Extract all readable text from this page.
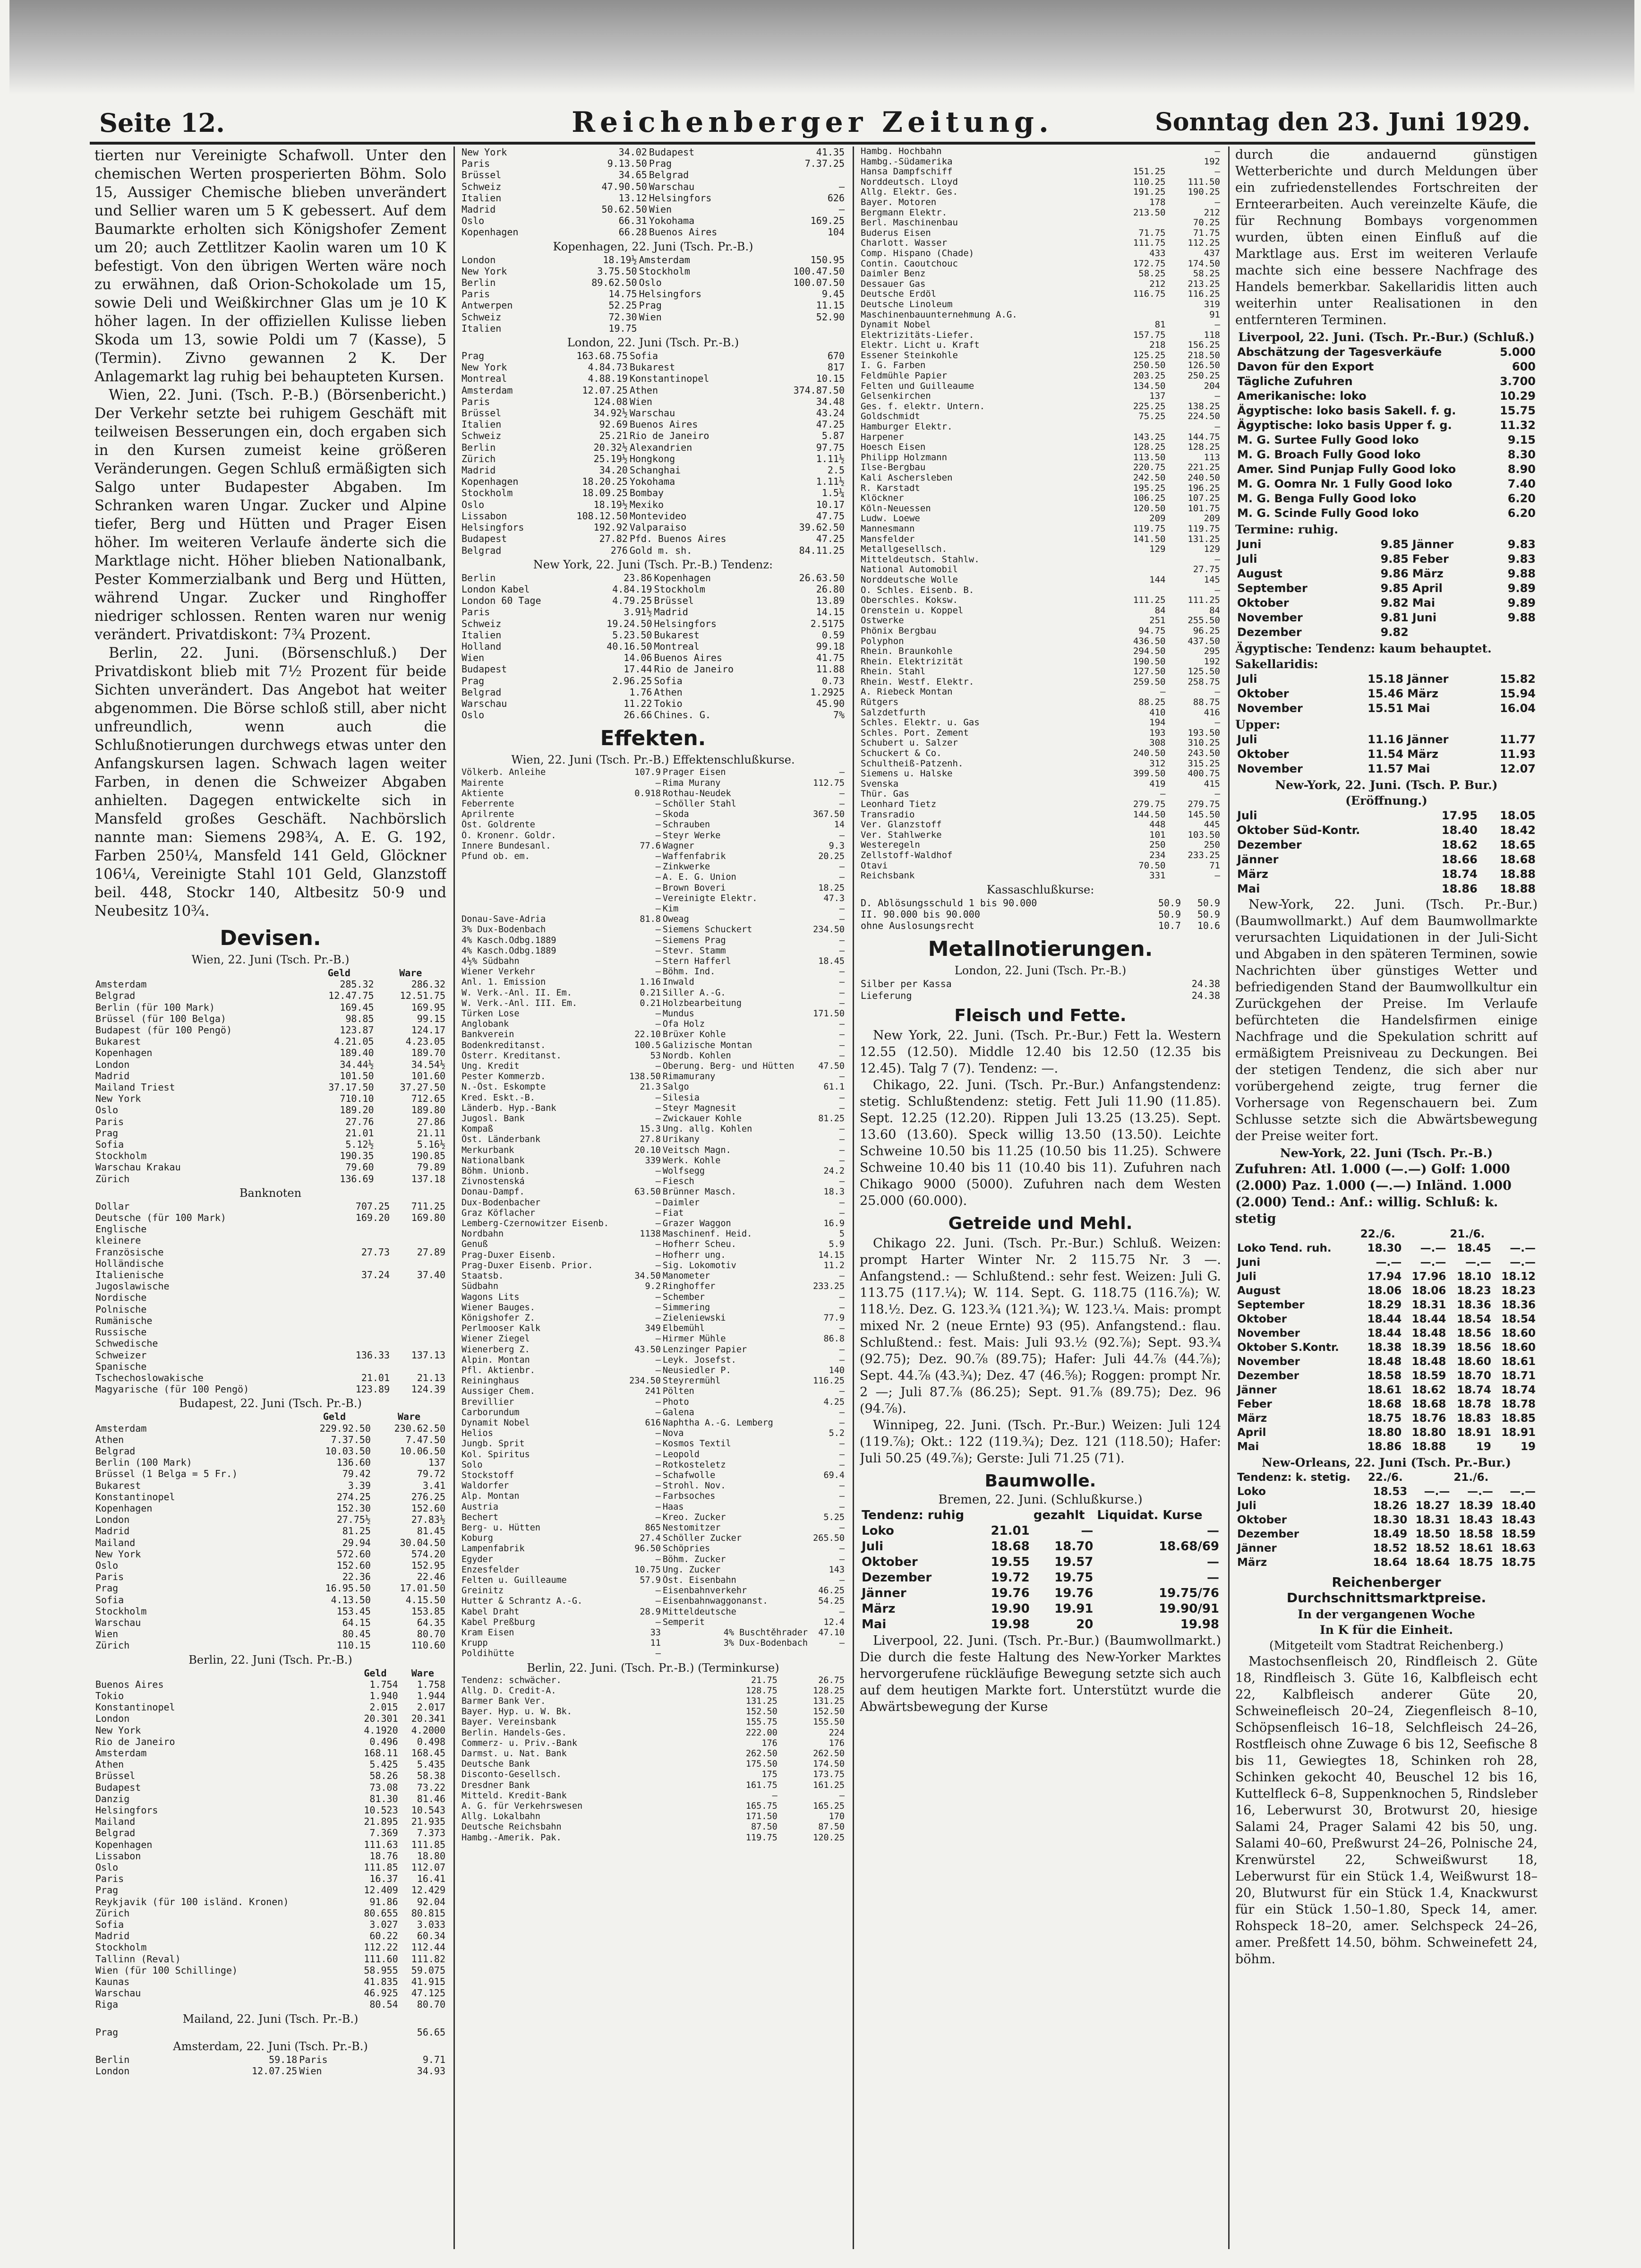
Seite 12.	Reichenberger Zeitung.	Sonntag den 23. Juni 1929.

tierten nur Vereinigte Schafwoll. Unter den chemischen Werten prosperierten Böhm. Solo 15, Aussiger Chemische blieben unverändert und Sellier waren um 5 K gebessert. Auf dem Baumarkte erholten sich Königshofer Zement um 20; auch Zettlitzer Kaolin waren um 10 K befestigt. Von den übrigen Werten wäre noch zu erwähnen, daß Orion-Schokolade um 15, sowie Deli und Weißkirchner Glas um je 10 K höher lagen. In der offiziellen Kulisse lieben Skoda um 13, sowie Poldi um 7 (Kasse), 5 (Termin). Zivno gewannen 2 K. Der Anlagemarkt lag ruhig bei behaupteten Kursen.

Wien, 22. Juni. (Tsch. P.-B.) (Börsenbericht.) Der Verkehr setzte bei ruhigem Geschäft mit teilweisen Besserungen ein, doch ergaben sich in den Kursen zumeist keine größeren Veränderungen. Gegen Schluß ermäßigten sich Salgo unter Budapester Abgaben. Im Schranken waren Ungar. Zucker und Alpine tiefer, Berg und Hütten und Prager Eisen höher. Im weiteren Verlaufe änderte sich die Marktlage nicht. Höher blieben Nationalbank, Pester Kommerzialbank und Berg und Hütten, während Ungar. Zucker und Ringhoffer niedriger schlossen. Renten waren nur wenig verändert. Privatdiskont: 7¾ Prozent.

Berlin, 22. Juni. (Börsenschluß.) Der Privatdiskont blieb mit 7½ Prozent für beide Sichten unverändert. Das Angebot hat weiter abgenommen. Die Börse schloß still, aber nicht unfreundlich, wenn auch die Schlußnotierungen durchwegs etwas unter den Anfangskursen lagen. Schwach lagen weiter Farben, in denen die Schweizer Abgaben anhielten. Dagegen entwickelte sich in Mansfeld großes Geschäft. Nachbörslich nannte man: Siemens 298¾, A. E. G. 192, Farben 250¼, Mansfeld 141 Geld, Glöckner 106¼, Vereinigte Stahl 101 Geld, Glanzstoff beil. 448, Stockr 140, Altbesitz 50·9 und Neubesitz 10¾.

Devisen.
Wien, 22. Juni (Tsch. Pr.-B.)
	Geld	Ware
Amsterdam	285.32	286.32
Belgrad	12.47.75	12.51.75
Berlin (für 100 Mark)	169.45	169.95
Brüssel (für 100 Belga)	98.85	99.15
Budapest (für 100 Pengö)	123.87	124.17
Bukarest	4.21.05	4.23.05
Kopenhagen	189.40	189.70
London	34.44½	34.54½
Madrid	101.50	101.60
Mailand Triest	37.17.50	37.27.50
New York	710.10	712.65
Oslo	189.20	189.80
Paris	27.76	27.86
Prag	21.01	21.11
Sofia	5.12½	5.16½
Stockholm	190.35	190.85
Warschau Krakau	79.60	79.89
Zürich	136.69	137.18
Banknoten
Dollar	707.25	711.25
Deutsche (für 100 Mark)	169.20	169.80
Englische		
kleinere		
Französische	27.73	27.89
Holländische		
Italienische	37.24	37.40
Jugoslawische		
Nordische		
Polnische		
Rumänische		
Russische		
Schwedische		
Schweizer	136.33	137.13
Spanische		
Tschechoslowakische	21.01	21.13
Magyarische (für 100 Pengö)	123.89	124.39
Budapest, 22. Juni (Tsch. Pr.-B.)
	Geld	Ware
Amsterdam	229.92.50	230.62.50
Athen	7.37.50	7.47.50
Belgrad	10.03.50	10.06.50
Berlin (100 Mark)	136.60	137
Brüssel (1 Belga = 5 Fr.)	79.42	79.72
Bukarest	3.39	3.41
Konstantinopel	274.25	276.25
Kopenhagen	152.30	152.60
London	27.75½	27.83½
Madrid	81.25	81.45
Mailand	29.94	30.04.50
New York	572.60	574.20
Oslo	152.60	152.95
Paris	22.36	22.46
Prag	16.95.50	17.01.50
Sofia	4.13.50	4.15.50
Stockholm	153.45	153.85
Warschau	64.15	64.35
Wien	80.45	80.70
Zürich	110.15	110.60
Berlin, 22. Juni (Tsch. Pr.-B.)
	Geld	Ware
Buenos Aires	1.754	1.758
Tokio	1.940	1.944
Konstantinopel	2.015	2.017
London	20.301	20.341
New York	4.1920	4.2000
Rio de Janeiro	0.496	0.498
Amsterdam	168.11	168.45
Athen	5.425	5.435
Brüssel	58.26	58.38
Budapest	73.08	73.22
Danzig	81.30	81.46
Helsingfors	10.523	10.543
Mailand	21.895	21.935
Belgrad	7.369	7.373
Kopenhagen	111.63	111.85
Lissabon	18.76	18.80
Oslo	111.85	112.07
Paris	16.37	16.41
Prag	12.409	12.429
Reykjavik (für 100 isländ. Kronen)	91.86	92.04
Zürich	80.655	80.815
Sofia	3.027	3.033
Madrid	60.22	60.34
Stockholm	112.22	112.44
Tallinn (Reval)	111.60	111.82
Wien (für 100 Schillinge)	58.955	59.075
Kaunas	41.835	41.915
Warschau	46.925	47.125
Riga	80.54	80.70
Mailand, 22. Juni (Tsch. Pr.-B.)
Prag		56.65
Amsterdam, 22. Juni (Tsch. Pr.-B.)
Berlin	59.18	Paris	9.71
London	12.07.25	Wien	34.93
New York	34.02	Budapest	41.35
Paris	9.13.50	Prag	7.37.25
Brüssel	34.65	Belgrad	
Schweiz	47.90.50	Warschau	—
Italien	13.12	Helsingfors	626
Madrid	50.62.50	Wien	—
Oslo	66.31	Yokohama	169.25
Kopenhagen	66.28	Buenos Aires	104
Kopenhagen, 22. Juni (Tsch. Pr.-B.)
London	18.19½	Amsterdam	150.95
New York	3.75.50	Stockholm	100.47.50
Berlin	89.62.50	Oslo	100.07.50
Paris	14.75	Helsingfors	9.45
Antwerpen	52.25	Prag	11.15
Schweiz	72.30	Wien	52.90
Italien	19.75		
London, 22. Juni (Tsch. Pr.-B.)
Prag	163.68.75	Sofia	670
New York	4.84.73	Bukarest	817
Montreal	4.88.19	Konstantinopel	10.15
Amsterdam	12.07.25	Athen	374.87.50
Paris	124.08	Wien	34.48
Brüssel	34.92½	Warschau	43.24
Italien	92.69	Buenos Aires	47.25
Schweiz	25.21	Rio de Janeiro	5.87
Berlin	20.32½	Alexandrien	97.75
Zürich	25.19½	Hongkong	1.11½
Madrid	34.20	Schanghai	2.5
Kopenhagen	18.20.25	Yokohama	1.11½
Stockholm	18.09.25	Bombay	1.5¼
Oslo	18.19½	Mexiko	10.17
Lissabon	108.12.50	Montevideo	47.75
Helsingfors	192.92	Valparaiso	39.62.50
Budapest	27.82	Pfd. Buenos Aires	47.25
Belgrad	276	Gold m. sh.	84.11.25
New York, 22. Juni (Tsch. Pr.-B.) Tendenz:
Berlin	23.86	Kopenhagen	26.63.50
London Kabel	4.84.19	Stockholm	26.80
London 60 Tage	4.79.25	Brüssel	13.89
Paris	3.91½	Madrid	14.15
Schweiz	19.24.50	Helsingfors	2.5175
Italien	5.23.50	Bukarest	0.59
Holland	40.16.50	Montreal	99.18
Wien	14.06	Buenos Aires	41.75
Budapest	17.44	Rio de Janeiro	11.88
Prag	2.96.25	Sofia	0.73
Belgrad	1.76	Athen	1.2925
Warschau	11.22	Tokio	45.90
Oslo	26.66	Chines. G.	7%
Effekten.
Wien, 22. Juni (Tsch. Pr.-B.) Effektenschlußkurse.
Völkerb. Anleihe	107.9	Prager Eisen	—
Mairente	—	Rima Murany	112.75
Aktiente	0.918	Rothau-Neudek	—
Feberrente	—	Schöller Stahl	—
Aprilrente	—	Skoda	367.50
Öst. Goldrente	—	Schrauben	14
Ö. Kronenr. Goldr.	—	Steyr Werke	—
Innere Bundesanl.	77.6	Wagner	9.3
Pfund ob. em.	—	Waffenfabrik	20.25
	—	Zinkwerke	—
	—	A. E. G. Union	—
	—	Brown Boveri	18.25
	—	Vereinigte Elektr.	47.3
	—	Kim	—
Donau-Save-Adria	81.8	Oweag	—
3% Dux-Bodenbach	—	Siemens Schuckert	234.50
4% Kasch.Odbg.1889	—	Siemens Prag	—
4% Kasch.Odbg.1889	—	Stevr. Stamm	—
4½% Südbahn	—	Stern Hafferl	18.45
Wiener Verkehr	—	Böhm. Ind.	—
Anl. 1. Emission	1.16	Inwald	—
W. Verk.-Anl. II. Em.	0.21	Siller A.-G.	—
W. Verk.-Anl. III. Em.	0.21	Holzbearbeitung	—
Türken Lose	—	Mundus	171.50
Anglobank	—	Ofa Holz	—
Bankverein	22.10	Brüxer Kohle	—
Bodenkreditanst.	100.5	Galizische Montan	—
Österr. Kreditanst.	53	Nordb. Kohlen	—
Ung. Kredit	—	Oberung. Berg- und Hütten	47.50
Pester Kommerzb.	138.50	Rimamurany	—
N.-Öst. Eskompte	21.3	Salgo	61.1
Kred. Eskt.-B.	—	Silesia	—
Länderb. Hyp.-Bank	—	Steyr Magnesit	—
Jugosl. Bank	—	Zwickauer Kohle	81.25
Kompaß	15.3	Ung. allg. Kohlen	—
Öst. Länderbank	27.8	Urikany	—
Merkurbank	20.10	Veitsch Magn.	—
Nationalbank	339	Werk. Kohle	—
Böhm. Unionb.	—	Wolfsegg	24.2
Zivnostenská	—	Fiesch	—
Donau-Dampf.	63.50	Brünner Masch.	18.3
Dux-Bodenbacher	—	Daimler	—
Graz Köflacher	—	Fiat	—
Lemberg-Czernowitzer Eisenb.	—	Grazer Waggon	16.9
Nordbahn	1138	Maschinenf. Heid.	5
Genuß	—	Hofherr Scheu.	5.9
Prag-Duxer Eisenb.	—	Hofherr ung.	14.15
Prag-Duxer Eisenb. Prior.	—	Sig. Lokomotiv	11.2
Staatsb.	34.50	Manometer	—
Südbahn	9.2	Ringhoffer	233.25
Wagons Lits	—	Schember	—
Wiener Bauges.	—	Simmering	—
Königshofer Z.	—	Zieleniewski	77.9
Perlmooser Kalk	349	Elbemühl	—
Wiener Ziegel	—	Hirmer Mühle	86.8
Wienerberg Z.	43.50	Lenzinger Papier	—
Alpin. Montan	—	Leyk. Josefst.	—
Pfl. Aktienbr.	—	Neusiedler P.	140
Reininghaus	234.50	Steyrermühl	116.25
Aussiger Chem.	241	Pölten	—
Brevillier	—	Photo	4.25
Carborundum	—	Galena	—
Dynamit Nobel	616	Naphtha A.-G. Lemberg	—
Helios	—	Nova	5.2
Jungb. Sprit	—	Kosmos Textil	—
Kol. Spiritus	—	Leopold	—
Solo	—	Rotkosteletz	—
Stockstoff	—	Schafwolle	69.4
Waldorfer	—	Strohl. Nov.	—
Alp. Montan	—	Farbsoches	—
Austria	—	Haas	—
Bechert	—	Kreo. Zucker	5.25
Berg- u. Hütten	865	Nestomitzer	—
Koburg	27.4	Schöller Zucker	265.50
Lampenfabrik	96.50	Schöpries	—
Egyder	—	Böhm. Zucker	—
Enzesfelder	10.75	Ung. Zucker	143
Felten u. Guilleaume	57.9	Öst. Eisenbahn	—
Greinitz	—	Eisenbahnverkehr	46.25
Hutter & Schrantz A.-G.	—	Eisenbahnwaggonanst.	54.25
Kabel Draht	28.9	Mitteldeutsche	—
Kabel Preßburg	—	Semperit	12.4
Kram Eisen	33	4% Buschtěhrader	47.10
Krupp	11	3% Dux-Bodenbach	—
Poldihütte	—		
Berlin, 22. Juni. (Tsch. Pr.-B.) (Terminkurse)
Tendenz: schwächer.		21.75	26.75
Allg. D. Credit-A.		128.75	128.25
Barmer Bank Ver.		131.25	131.25
Bayer. Hyp. u. W. Bk.		152.50	152.50
Bayer. Vereinsbank		155.75	155.50
Berlin. Handels-Ges.		222.00	224
Commerz- u. Priv.-Bank		176	176
Darmst. u. Nat. Bank		262.50	262.50
Deutsche Bank		175.50	174.50
Disconto-Gesellsch.		175	173.75
Dresdner Bank		161.75	161.25
Mitteld. Kredit-Bank		—	—
A. G. für Verkehrswesen		165.75	165.25
Allg. Lokalbahn		171.50	170
Deutsche Reichsbahn		87.50	87.50
Hambg.-Amerik. Pak.		119.75	120.25
Hambg. Hochbahn		—
Hambg.-Südamerika		192
Hansa Dampfschiff	151.25	—
Norddeutsch. Lloyd	110.25	111.50
Allg. Elektr. Ges.	191.25	190.25
Bayer. Motoren	178	—
Bergmann Elektr.	213.50	212
Berl. Maschinenbau		70.25
Buderus Eisen	71.75	71.75
Charlott. Wasser	111.75	112.25
Comp. Hispano (Chade)	433	437
Contin. Caoutchouc	172.75	174.50
Daimler Benz	58.25	58.25
Dessauer Gas	212	213.25
Deutsche Erdöl	116.75	116.25
Deutsche Linoleum		319
Maschinenbauunternehmung A.G.		91
Dynamit Nobel	81	—
Elektrizitäts-Liefer.	157.75	118
Elektr. Licht u. Kraft	218	156.25
Essener Steinkohle	125.25	218.50
I. G. Farben	250.50	126.50
Feldmühle Papier	203.25	250.25
Felten und Guilleaume	134.50	204
Gelsenkirchen	137	—
Ges. f. elektr. Untern.	225.25	138.25
Goldschmidt	75.25	224.50
Hamburger Elektr.		—
Harpener	143.25	144.75
Hoesch Eisen	128.25	128.25
Philipp Holzmann	113.50	113
Ilse-Bergbau	220.75	221.25
Kali Aschersleben	242.50	240.50
R. Karstadt	195.25	196.25
Klöckner	106.25	107.25
Köln-Neuessen	120.50	101.75
Ludw. Loewe	209	209
Mannesmann	119.75	119.75
Mansfelder	141.50	131.25
Metallgesellsch.	129	129
Mitteldeutsch. Stahlw.		—
National Automobil		27.75
Norddeutsche Wolle	144	145
O. Schles. Eisenb. B.		—
Oberschles. Koksw.	111.25	111.25
Orenstein u. Koppel	84	84
Ostwerke	251	255.50
Phönix Bergbau	94.75	96.25
Polyphon	436.50	437.50
Rhein. Braunkohle	294.50	295
Rhein. Elektrizität	190.50	192
Rhein. Stahl	127.50	125.50
Rhein. Westf. Elektr.	259.50	258.75
A. Riebeck Montan	—	—
Rütgers	88.25	88.75
Salzdetfurth	410	416
Schles. Elektr. u. Gas	194	—
Schles. Port. Zement	193	193.50
Schubert u. Salzer	308	310.25
Schuckert & Co.	240.50	243.50
Schultheiß-Patzenh.	312	315.25
Siemens u. Halske	399.50	400.75
Svenska	419	415
Thür. Gas	—	—
Leonhard Tietz	279.75	279.75
Transradio	144.50	145.50
Ver. Glanzstoff	448	445
Ver. Stahlwerke	101	103.50
Westeregeln	250	250
Zellstoff-Waldhof	234	233.25
Otavi	70.50	71
Reichsbank	331	—
Kassaschlußkurse:
D. Ablösungsschuld 1 bis 90.000	50.9	50.9
II. 90.000 bis 90.000	50.9	50.9
ohne Auslosungsrecht	10.7	10.6
Metallnotierungen.
London, 22. Juni (Tsch. Pr.-B.)
Silber per Kassa	24.38
Lieferung	24.38
Fleisch und Fette.

New York, 22. Juni. (Tsch. Pr.-Bur.) Fett la. Western 12.55 (12.50). Middle 12.40 bis 12.50 (12.35 bis 12.45). Talg 7 (7). Tendenz: —.

Chikago, 22. Juni. (Tsch. Pr.-Bur.) Anfangstendenz: stetig. Schlußtendenz: stetig. Fett Juli 11.90 (11.85). Sept. 12.25 (12.20). Rippen Juli 13.25 (13.25). Sept. 13.60 (13.60). Speck willig 13.50 (13.50). Leichte Schweine 10.50 bis 11.25 (10.50 bis 11.25). Schwere Schweine 10.40 bis 11 (10.40 bis 11). Zufuhren nach Chikago 9000 (5000). Zufuhren nach dem Westen 25.000 (60.000).

Getreide und Mehl.

Chikago 22. Juni. (Tsch. Pr.-Bur.) Schluß. Weizen: prompt Harter Winter Nr. 2 115.75 Nr. 3 —. Anfangstend.: — Schlußtend.: sehr fest. Weizen: Juli G. 113.75 (117.¼); W. 114. Sept. G. 118.75 (116.⅞); W. 118.½. Dez. G. 123.¾ (121.¾); W. 123.¼. Mais: prompt mixed Nr. 2 (neue Ernte) 93 (95). Anfangstend.: flau. Schlußtend.: fest. Mais: Juli 93.½ (92.⅞); Sept. 93.¾ (92.75); Dez. 90.⅞ (89.75); Hafer: Juli 44.⅞ (44.⅞); Sept. 44.⅞ (43.¾); Dez. 47 (46.⅝); Roggen: prompt Nr. 2 —; Juli 87.⅞ (86.25); Sept. 91.⅞ (89.75); Dez. 96 (94.⅞).

Winnipeg, 22. Juni. (Tsch. Pr.-Bur.) Weizen: Juli 124 (119.⅞); Okt.: 122 (119.¾); Dez. 121 (118.50); Hafer: Juli 50.25 (49.⅞); Gerste: Juli 71.25 (71).

Baumwolle.
Bremen, 22. Juni. (Schlußkurse.)
Tendenz: ruhig		gezahlt	Liquidat. Kurse
Loko	21.01	—	—
Juli	18.68	18.70	18.68/69
Oktober	19.55	19.57	—
Dezember	19.72	19.75	—
Jänner	19.76	19.76	19.75/76
März	19.90	19.91	19.90/91
Mai	19.98	20	19.98

Liverpool, 22. Juni. (Tsch. Pr.-Bur.) (Baumwollmarkt.) Die durch die feste Haltung des New-Yorker Marktes hervorgerufene rückläufige Bewegung setzte sich auch auf dem heutigen Markte fort. Unterstützt wurde die Abwärtsbewegung der Kurse

durch die andauernd günstigen Wetterberichte und durch Meldungen über ein zufriedenstellendes Fortschreiten der Ernteerarbeiten. Auch vereinzelte Käufe, die für Rechnung Bombays vorgenommen wurden, übten einen Einfluß auf die Marktlage aus. Erst im weiteren Verlaufe machte sich eine bessere Nachfrage des Handels bemerkbar. Sakellaridis litten auch weiterhin unter Realisationen in den entfernteren Terminen.

Liverpool, 22. Juni. (Tsch. Pr.-Bur.) (Schluß.)
Abschätzung der Tagesverkäufe	5.000
Davon für den Export	600
Tägliche Zufuhren	3.700
Amerikanische: loko	10.29
Ägyptische: loko basis Sakell. f. g.	15.75
Ägyptische: loko basis Upper f. g.	11.32
M. G. Surtee Fully Good loko	9.15
M. G. Broach Fully Good loko	8.30
Amer. Sind Punjap Fully Good loko	8.90
M. G. Oomra Nr. 1 Fully Good loko	7.40
M. G. Benga Fully Good loko	6.20
M. G. Scinde Fully Good loko	6.20
Termine: ruhig.
Juni	9.85	Jänner	9.83
Juli	9.85	Feber	9.83
August	9.86	März	9.88
September	9.85	April	9.89
Oktober	9.82	Mai	9.89
November	9.81	Juni	9.88
Dezember	9.82		
Ägyptische: Tendenz: kaum behauptet.
Sakellaridis:
Juli	15.18	Jänner	15.82
Oktober	15.46	März	15.94
November	15.51	Mai	16.04
Upper:
Juli	11.16	Jänner	11.77
Oktober	11.54	März	11.93
November	11.57	Mai	12.07
New-York, 22. Juni. (Tsch. P. Bur.)
(Eröffnung.)
Juli	17.95	18.05
Oktober Süd-Kontr.	18.40	18.42
Dezember	18.62	18.65
Jänner	18.66	18.68
März	18.74	18.88
Mai	18.86	18.88

New-York, 22. Juni. (Tsch. Pr.-Bur.) (Baumwollmarkt.) Auf dem Baumwollmarkte verursachten Liquidationen in der Juli-Sicht und Abgaben in den späteren Terminen, sowie Nachrichten über günstiges Wetter und befriedigenden Stand der Baumwollkultur ein Zurückgehen der Preise. Im Verlaufe befürchteten die Handelsfirmen einige Nachfrage und die Spekulation schritt auf ermäßigtem Preisniveau zu Deckungen. Bei der stetigen Tendenz, die sich aber nur vorübergehend zeigte, trug ferner die Vorhersage von Regenschauern bei. Zum Schlusse setzte sich die Abwärtsbewegung der Preise weiter fort.

New-York, 22. Juni (Tsch. Pr.-B.)
Zufuhren: Atl. 1.000 (—.—) Golf: 1.000
(2.000) Paz. 1.000 (—.—) Inländ. 1.000
(2.000) Tend.: Anf.: willig. Schluß: k. stetig
	22./6.		21./6.	
Loko Tend. ruh.	18.30	—.—	18.45	—.—
Juni	—.—	—.—	—.—	—.—
Juli	17.94	17.96	18.10	18.12
August	18.06	18.06	18.23	18.23
September	18.29	18.31	18.36	18.36
Oktober	18.44	18.44	18.54	18.54
November	18.44	18.48	18.56	18.60
Oktober S.Kontr.	18.38	18.39	18.56	18.60
November	18.48	18.48	18.60	18.61
Dezember	18.58	18.59	18.70	18.71
Jänner	18.61	18.62	18.74	18.74
Feber	18.68	18.68	18.78	18.78
März	18.75	18.76	18.83	18.85
April	18.80	18.80	18.91	18.91
Mai	18.86	18.88	19	19
New-Orleans, 22. Juni (Tsch. Pr.-Bur.)
Tendenz: k. stetig.	22./6.		21./6.	
Loko	18.53	—.—	—.—	—.—
Juli	18.26	18.27	18.39	18.40
Oktober	18.30	18.31	18.43	18.43
Dezember	18.49	18.50	18.58	18.59
Jänner	18.52	18.52	18.61	18.63
März	18.64	18.64	18.75	18.75
Reichenberger Durchschnittsmarktpreise.
In der vergangenen Woche
In K für die Einheit.
(Mitgeteilt vom Stadtrat Reichenberg.)

Mastochsenfleisch 20, Rindfleisch 2. Güte 18, Rindfleisch 3. Güte 16, Kalbfleisch echt 22, Kalbfleisch anderer Güte 20, Schweinefleisch 20–24, Ziegenfleisch 8–10, Schöpsenfleisch 16–18, Selchfleisch 24–26, Rostfleisch ohne Zuwage 6 bis 12, Seefische 8 bis 11, Gewiegtes 18, Schinken roh 28, Schinken gekocht 40, Beuschel 12 bis 16, Kuttelfleck 6–8, Suppenknochen 5, Rindsleber 16, Leberwurst 30, Brotwurst 20, hiesige Salami 24, Prager Salami 42 bis 50, ung. Salami 40–60, Preßwurst 24–26, Polnische 24, Krenwürstel 22, Schweißwurst 18, Leberwurst für ein Stück 1.4, Weißwurst 18–20, Blutwurst für ein Stück 1.4, Knackwurst für ein Stück 1.50–1.80, Speck 14, amer. Rohspeck 18–20, amer. Selchspeck 24–26, amer. Preßfett 14.50, böhm. Schweinefett 24, böhm.
